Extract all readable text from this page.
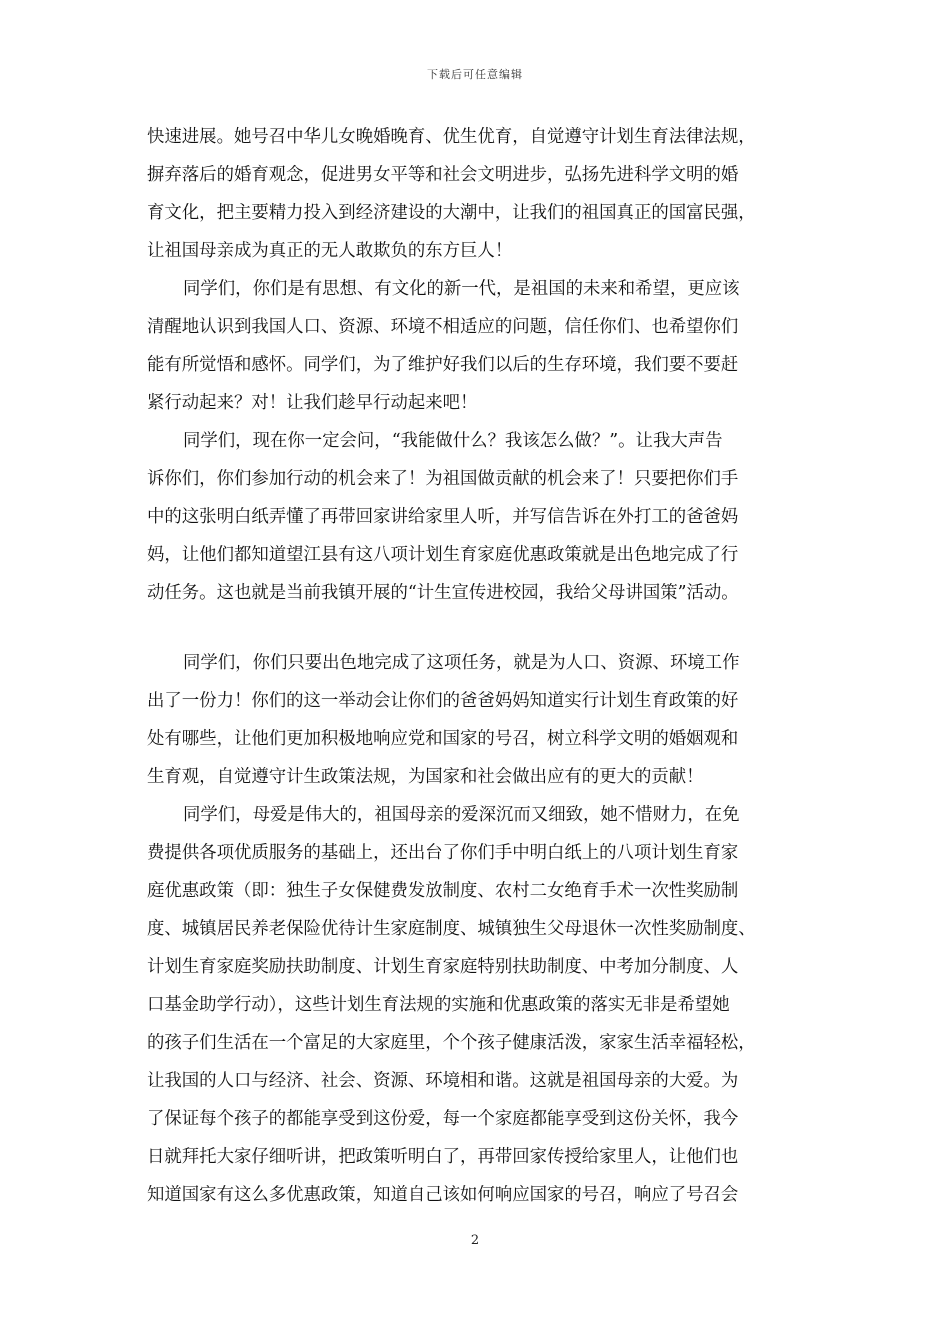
下载后可任意编辑
快速进展。她号召中华儿女晚婚晚育、优生优育，自觉遵守计划生育法律法规，
摒弃落后的婚育观念，促进男女平等和社会文明进步，弘扬先进科学文明的婚
育文化，把主要精力投入到经济建设的大潮中，让我们的祖国真正的国富民强，
让祖国母亲成为真正的无人敢欺负的东方巨人！
同学们，你们是有思想、有文化的新一代，是祖国的未来和希望，更应该
清醒地认识到我国人口、资源、环境不相适应的问题，信任你们、也希望你们
能有所觉悟和感怀。同学们，为了维护好我们以后的生存环境，我们要不要赶
紧行动起来？对！让我们趁早行动起来吧！
同学们，现在你一定会问，“我能做什么？我该怎么做？”。让我大声告
诉你们，你们参加行动的机会来了！为祖国做贡献的机会来了！只要把你们手
中的这张明白纸弄懂了再带回家讲给家里人听，并写信告诉在外打工的爸爸妈
妈，让他们都知道望江县有这八项计划生育家庭优惠政策就是出色地完成了行
动任务。这也就是当前我镇开展的“计生宣传进校园，我给父母讲国策”活动。
同学们，你们只要出色地完成了这项任务，就是为人口、资源、环境工作
出了一份力！你们的这一举动会让你们的爸爸妈妈知道实行计划生育政策的好
处有哪些，让他们更加积极地响应党和国家的号召，树立科学文明的婚姻观和
生育观，自觉遵守计生政策法规，为国家和社会做出应有的更大的贡献！
同学们，母爱是伟大的，祖国母亲的爱深沉而又细致，她不惜财力，在免
费提供各项优质服务的基础上，还出台了你们手中明白纸上的八项计划生育家
庭优惠政策（即：独生子女保健费发放制度、农村二女绝育手术一次性奖励制
度、城镇居民养老保险优待计生家庭制度、城镇独生父母退休一次性奖励制度、
计划生育家庭奖励扶助制度、计划生育家庭特别扶助制度、中考加分制度、人
口基金助学行动），这些计划生育法规的实施和优惠政策的落实无非是希望她
的孩子们生活在一个富足的大家庭里，个个孩子健康活泼，家家生活幸福轻松，
让我国的人口与经济、社会、资源、环境相和谐。这就是祖国母亲的大爱。为
了保证每个孩子的都能享受到这份爱，每一个家庭都能享受到这份关怀，我今
日就拜托大家仔细听讲，把政策听明白了，再带回家传授给家里人，让他们也
知道国家有这么多优惠政策，知道自己该如何响应国家的号召，响应了号召会
2
